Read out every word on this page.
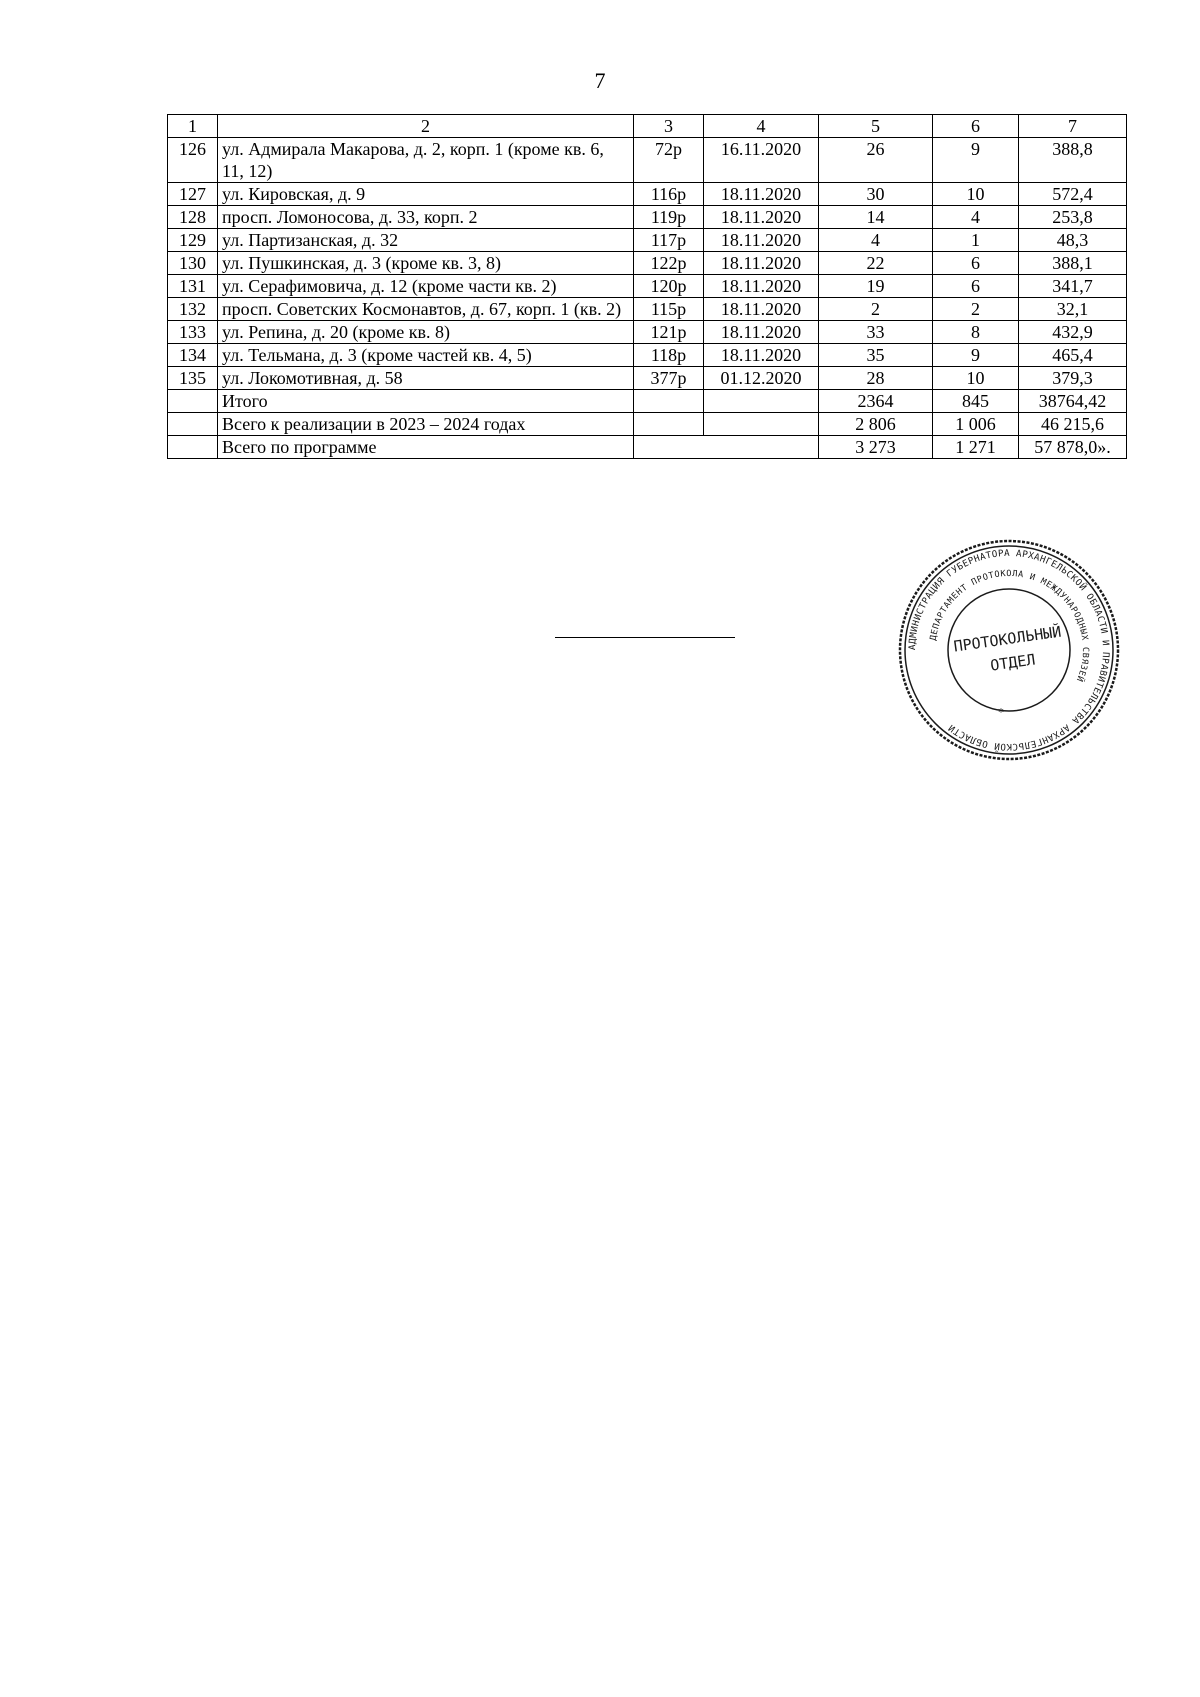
7
1	2	3	4	5	6	7
126	ул. Адмирала Макарова, д. 2, корп. 1 (кроме кв. 6, 11, 12)	72р	16.11.2020	26	9	388,8
127	ул. Кировская, д. 9	116р	18.11.2020	30	10	572,4
128	просп. Ломоносова, д. 33, корп. 2	119р	18.11.2020	14	4	253,8
129	ул. Партизанская, д. 32	117р	18.11.2020	4	1	48,3
130	ул. Пушкинская, д. 3 (кроме кв. 3, 8)	122р	18.11.2020	22	6	388,1
131	ул. Серафимовича, д. 12 (кроме части кв. 2)	120р	18.11.2020	19	6	341,7
132	просп. Советских Космонавтов, д. 67, корп. 1 (кв. 2)	115р	18.11.2020	2	2	32,1
133	ул. Репина, д. 20 (кроме кв. 8)	121р	18.11.2020	33	8	432,9
134	ул. Тельмана, д. 3 (кроме частей кв. 4, 5)	118р	18.11.2020	35	9	465,4
135	ул. Локомотивная, д. 58	377р	01.12.2020	28	10	379,3
	Итого			2364	845	38764,42
	Всего к реализации в 2023 – 2024 годах			2 806	1 006	46 215,6
	Всего по программе			3 273	1 271	57 878,0».
АДМИНИСТРАЦИЯ ГУБЕРНАТОРА АРХАНГЕЛЬСКОЙ ОБЛАСТИ И ПРАВИТЕЛЬСТВА АРХАНГЕЛЬСКОЙ ОБЛАСТИ
ДЕПАРТАМЕНТ ПРОТОКОЛА И МЕЖДУНАРОДНЫХ СВЯЗЕЙ
ПРОТОКОЛЬНЫЙ
ОТДЕЛ
*
